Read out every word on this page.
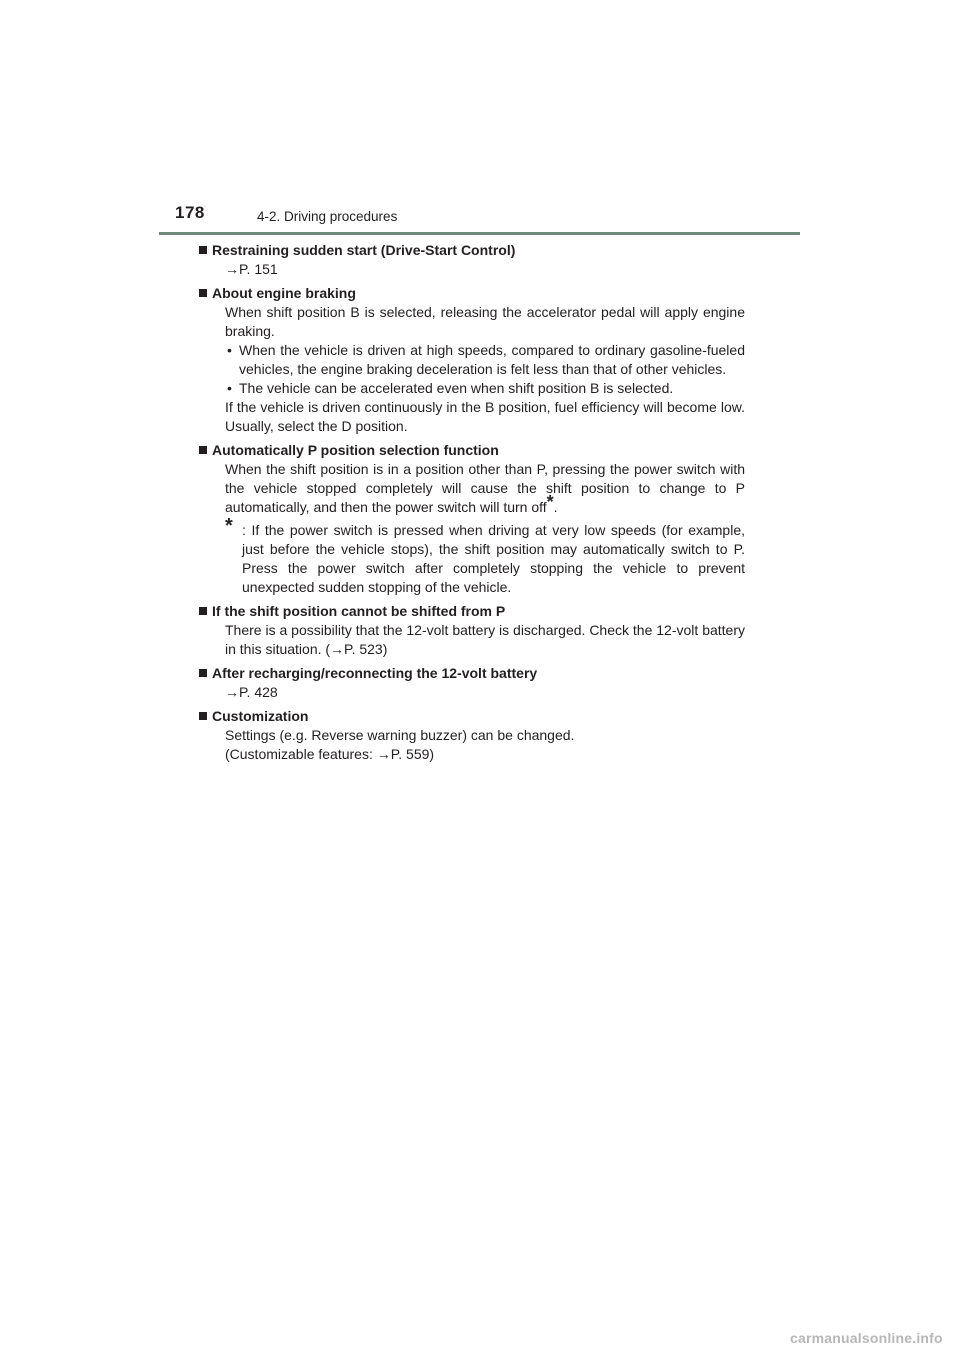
178	4-2. Driving procedures
Restraining sudden start (Drive-Start Control)

→P. 151

About engine braking

When shift position B is selected, releasing the accelerator pedal will apply engine braking.

• When the vehicle is driven at high speeds, compared to ordinary gasoline-fueled vehicles, the engine braking deceleration is felt less than that of other vehicles.
• The vehicle can be accelerated even when shift position B is selected.

If the vehicle is driven continuously in the B position, fuel efficiency will become low. Usually, select the D position.

Automatically P position selection function

When the shift position is in a position other than P, pressing the power switch with the vehicle stopped completely will cause the shift position to change to P automatically, and then the power switch will turn off*.

* : If the power switch is pressed when driving at very low speeds (for example, just before the vehicle stops), the shift position may automatically switch to P. Press the power switch after completely stopping the vehicle to prevent unexpected sudden stopping of the vehicle.
If the shift position cannot be shifted from P

There is a possibility that the 12-volt battery is discharged. Check the 12-volt battery in this situation. (→P. 523)

After recharging/reconnecting the 12-volt battery

→P. 428

Customization

Settings (e.g. Reverse warning buzzer) can be changed.

(Customizable features: →P. 559)

carmanualsonline.info
